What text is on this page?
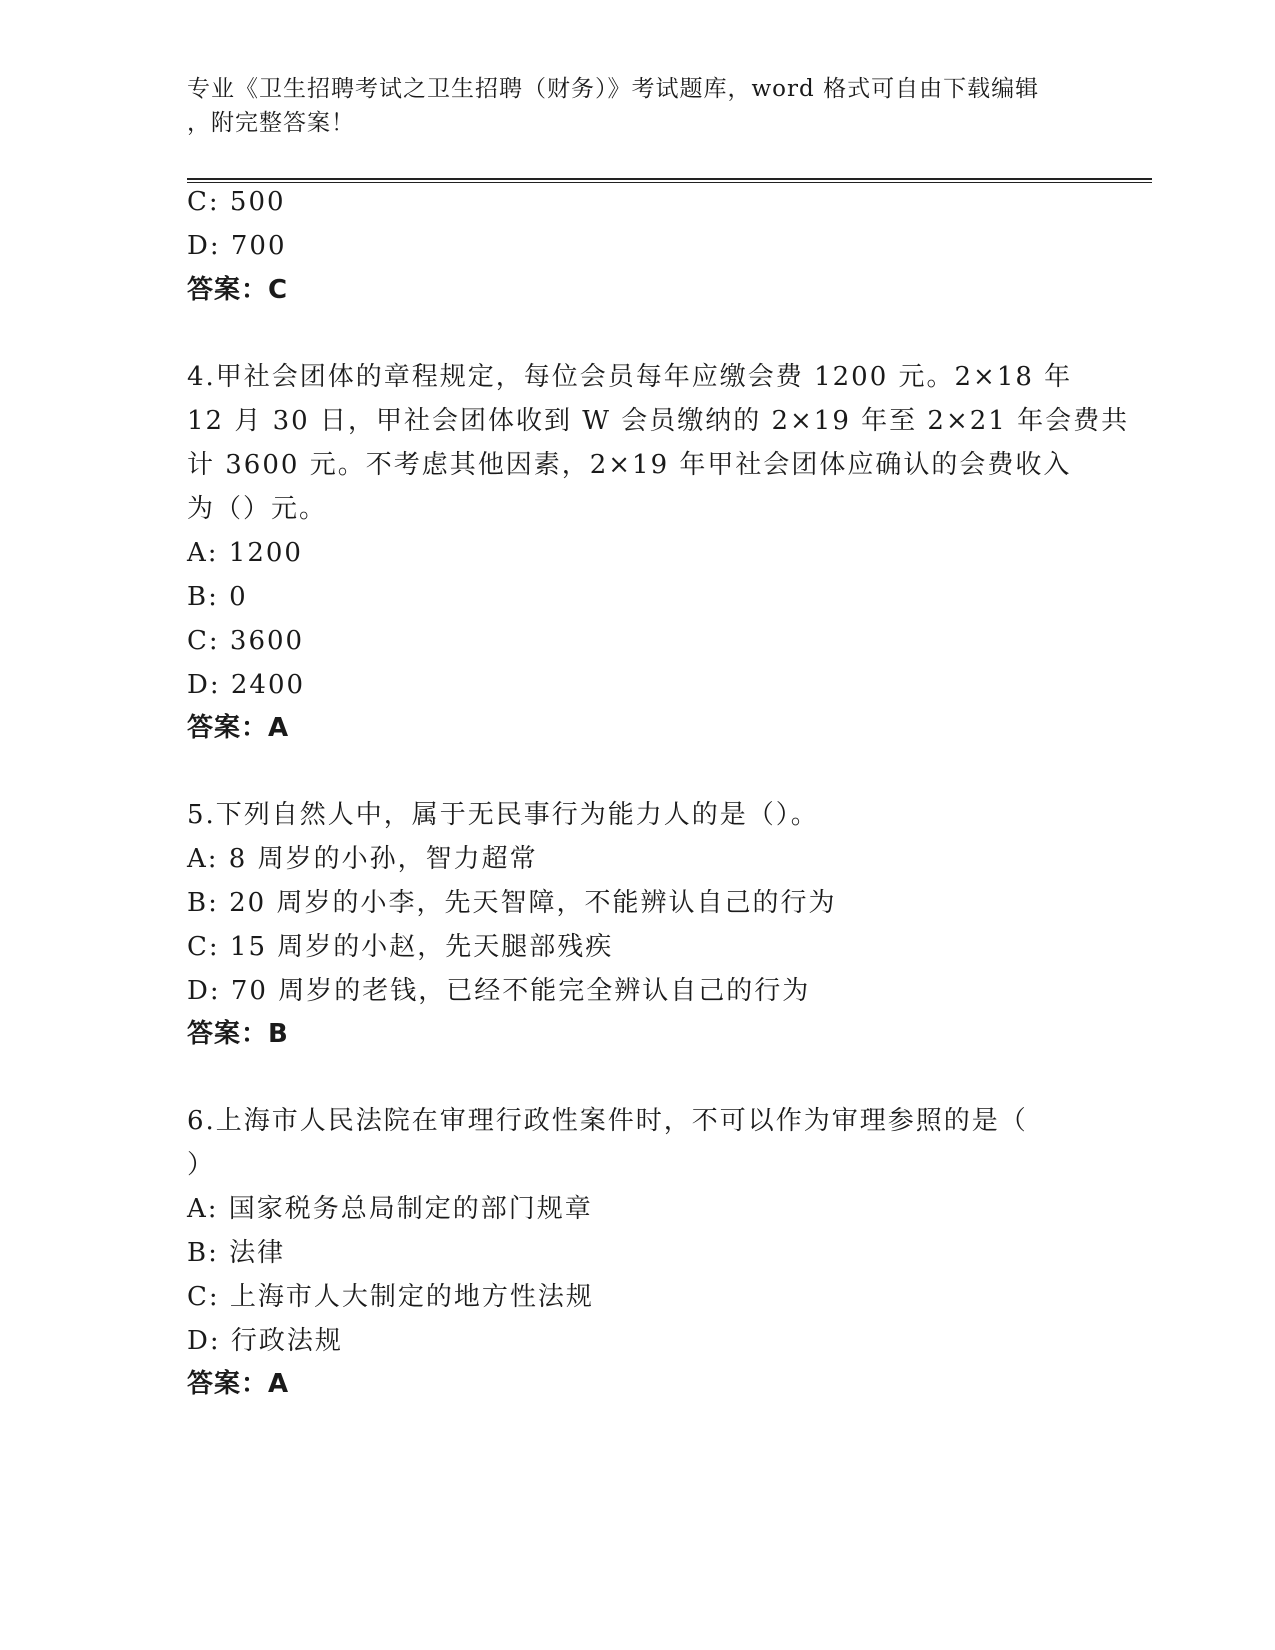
专业《卫生招聘考试之卫生招聘（财务）》考试题库，word 格式可自由下载编辑
，附完整答案！
C: 500
D: 700
答案：C
4.甲社会团体的章程规定，每位会员每年应缴会费 1200 元。2×18 年
12 月 30 日，甲社会团体收到 W 会员缴纳的 2×19 年至 2×21 年会费共
计 3600 元。不考虑其他因素，2×19 年甲社会团体应确认的会费收入
为（）元。
A: 1200
B: 0
C: 3600
D: 2400
答案：A
5.下列自然人中，属于无民事行为能力人的是（）。
A: 8 周岁的小孙，智力超常
B: 20 周岁的小李，先天智障，不能辨认自己的行为
C: 15 周岁的小赵，先天腿部残疾
D: 70 周岁的老钱，已经不能完全辨认自己的行为
答案：B
6.上海市人民法院在审理行政性案件时，不可以作为审理参照的是（
）
A: 国家税务总局制定的部门规章
B: 法律
C: 上海市人大制定的地方性法规
D: 行政法规
答案：A
